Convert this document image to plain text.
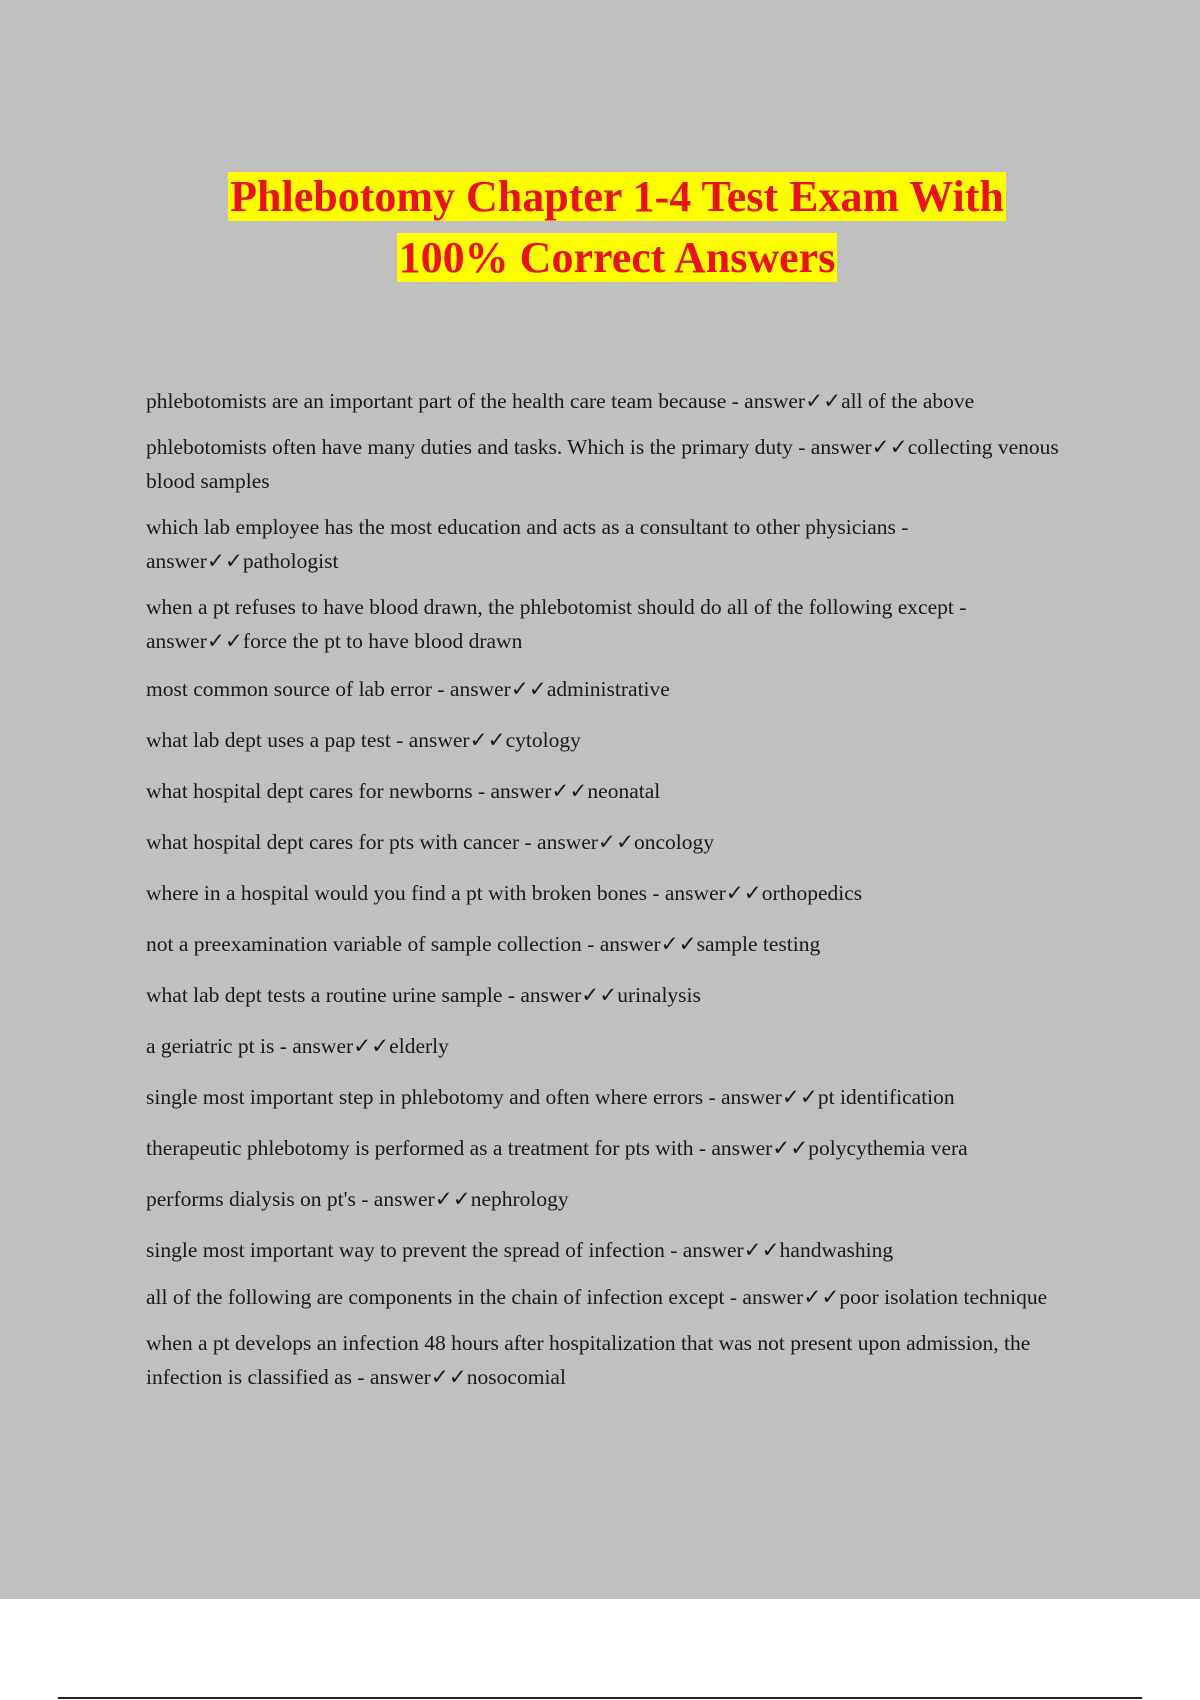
Phlebotomy Chapter 1-4 Test Exam With
100% Correct Answers

phlebotomists are an important part of the health care team because - answer✓✓all of the above

phlebotomists often have many duties and tasks. Which is the primary duty - answer✓✓collecting venous blood samples

which lab employee has the most education and acts as a consultant to other physicians - answer✓✓pathologist

when a pt refuses to have blood drawn, the phlebotomist should do all of the following except - answer✓✓force the pt to have blood drawn

most common source of lab error - answer✓✓administrative

what lab dept uses a pap test - answer✓✓cytology

what hospital dept cares for newborns - answer✓✓neonatal

what hospital dept cares for pts with cancer - answer✓✓oncology

where in a hospital would you find a pt with broken bones - answer✓✓orthopedics

not a preexamination variable of sample collection - answer✓✓sample testing

what lab dept tests a routine urine sample - answer✓✓urinalysis

a geriatric pt is - answer✓✓elderly

single most important step in phlebotomy and often where errors - answer✓✓pt identification

therapeutic phlebotomy is performed as a treatment for pts with - answer✓✓polycythemia vera

performs dialysis on pt's - answer✓✓nephrology

single most important way to prevent the spread of infection - answer✓✓handwashing

all of the following are components in the chain of infection except - answer✓✓poor isolation technique

when a pt develops an infection 48 hours after hospitalization that was not present upon admission, the infection is classified as - answer✓✓nosocomial
